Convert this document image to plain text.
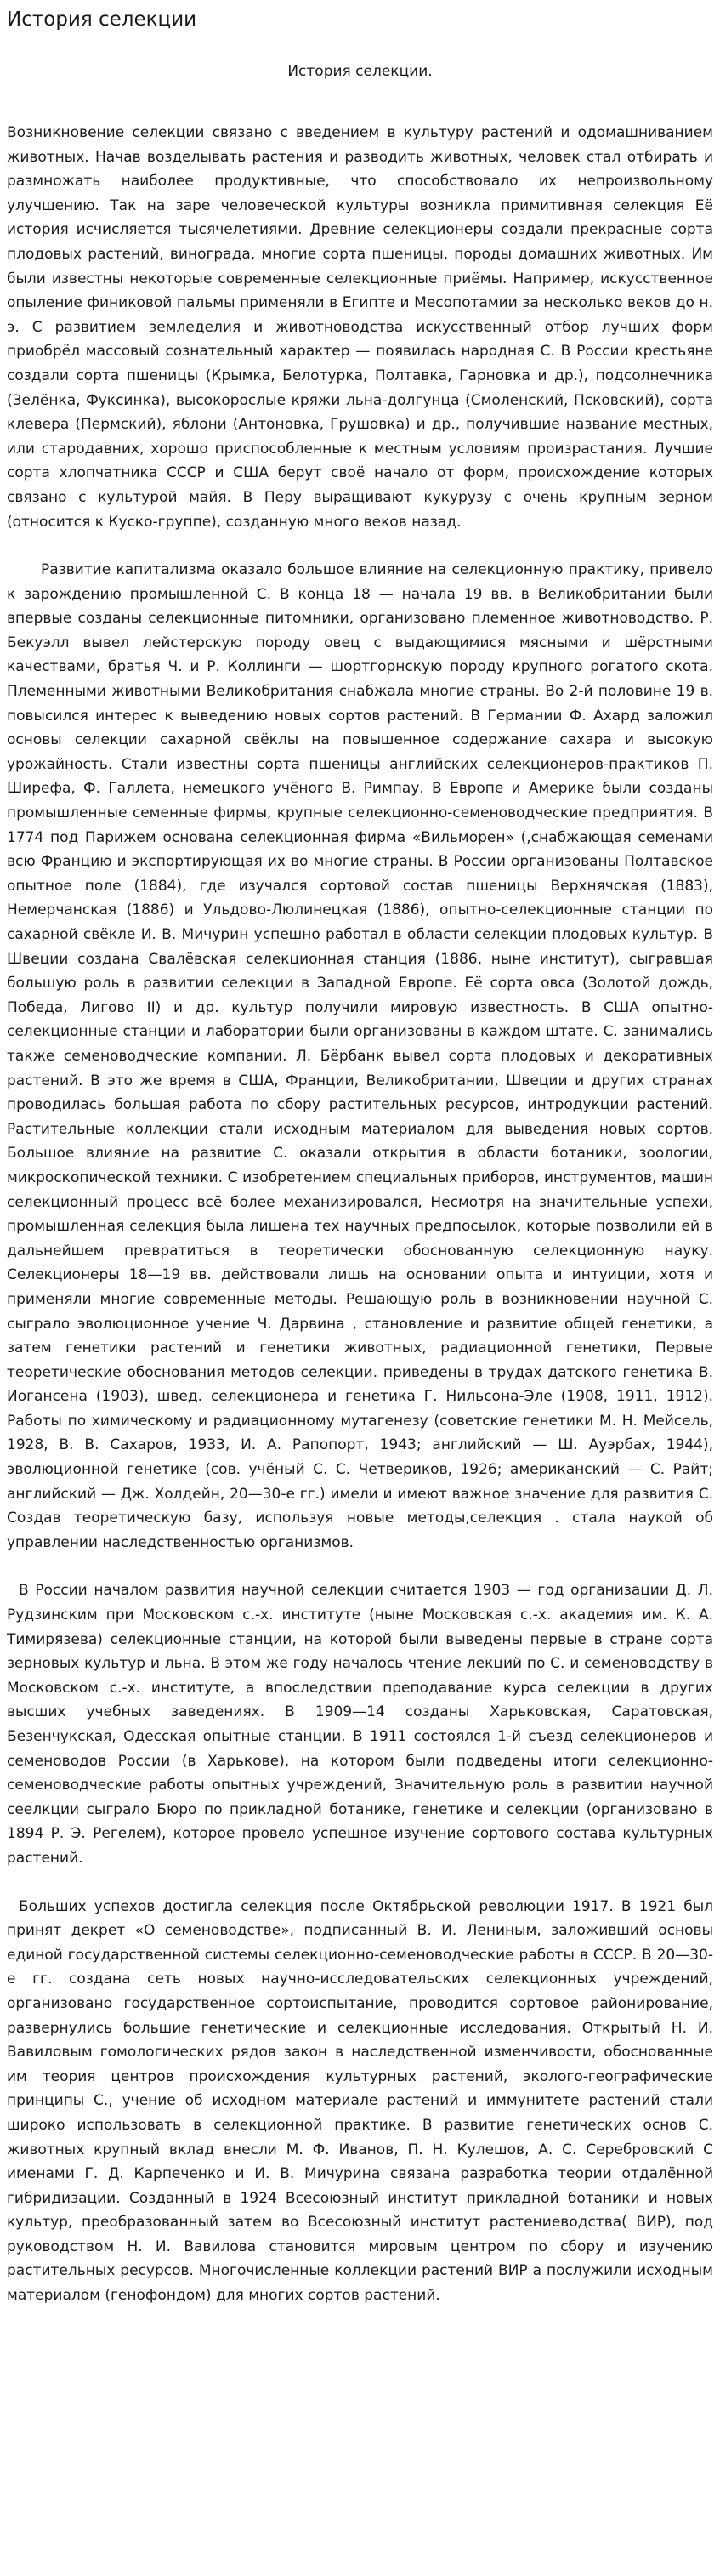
История селекции
История селекции.

Возникновение селекции связано с введением в культуру растений и одомашниванием животных. Начав возделывать растения и разводить животных, человек стал отбирать и размножать наиболее продуктивные, что способствовало их непроизвольному улучшению. Так на заре человеческой культуры возникла примитивная селекция Её история исчисляется тысячелетиями. Древние селекционеры создали прекрасные сорта плодовых растений, винограда, многие сорта пшеницы, породы домашних животных. Им были известны некоторые современные селекционные приёмы. Например, искусственное опыление финиковой пальмы применяли в Египте и Месопотамии за несколько веков до н. э. С развитием земледелия и животноводства искусственный отбор лучших форм приобрёл массовый сознательный характер — появилась народная С. В России крестьяне создали сорта пшеницы (Крымка, Белотурка, Полтавка, Гарновка и др.), подсолнечника (Зелёнка, Фуксинка), высокорослые кряжи льна-долгунца (Смоленский, Псковский), сорта клевера (Пермский), яблони (Антоновка, Грушовка) и др., получившие название местных, или стародавних, хорошо приспособленные к местным условиям произрастания. Лучшие сорта хлопчатника СССР и США берут своё начало от форм, происхождение которых связано с культурой майя. В Перу выращивают кукурузу с очень крупным зерном (относится к Куско-группе), созданную много веков назад.

Развитие капитализма оказало большое влияние на селекционную практику, привело к зарождению промышленной С. В конца 18 — начала 19 вв. в Великобритании были впервые созданы селекционные питомники, организовано племенное животноводство. Р. Бекуэлл вывел лейстерскую породу овец с выдающимися мясными и шёрстными качествами, братья Ч. и Р. Коллинги — шортгорнскую породу крупного рогатого скота. Племенными животными Великобритания снабжала многие страны. Во 2-й половине 19 в. повысился интерес к выведению новых сортов растений. В Германии Ф. Ахард заложил основы селекции сахарной свёклы на повышенное содержание сахара и высокую урожайность. Стали известны сорта пшеницы английских селекционеров-практиков П. Ширефа, Ф. Галлета, немецкого учёного В. Римпау. В Европе и Америке были созданы промышленные семенные фирмы, крупные селекционно-семеноводческие предприятия. В 1774 под Парижем основана селекционная фирма «Вильморен» (,снабжающая семенами всю Францию и экспортирующая их во многие страны. В России организованы Полтавское опытное поле (1884), где изучался сортовой состав пшеницы Верхнячская (1883), Немерчанская (1886) и Ульдово-Люлинецкая (1886), опытно-селекционные станции по сахарной свёкле И. В. Мичурин успешно работал в области селекции плодовых культур. В Швеции создана Свалёвская селекционная станция (1886, ныне институт), сыгравшая большую роль в развитии селекции в Западной Европе. Её сорта овса (Золотой дождь, Победа, Лигово II) и др. культур получили мировую известность. В США опытно-селекционные станции и лаборатории были организованы в каждом штате. С. занимались также семеноводческие компании. Л. Бёрбанк вывел сорта плодовых и декоративных растений. В это же время в США, Франции, Великобритании, Швеции и других странах проводилась большая работа по сбору растительных ресурсов, интродукции растений. Растительные коллекции стали исходным материалом для выведения новых сортов. Большое влияние на развитие С. оказали открытия в области ботаники, зоологии, микроскопической техники. С изобретением специальных приборов, инструментов, машин селекционный процесс всё более механизировался, Несмотря на значительные успехи, промышленная селекция была лишена тех научных предпосылок, которые позволили ей в дальнейшем превратиться в теоретически обоснованную селекционную науку. Селекционеры 18—19 вв. действовали лишь на основании опыта и интуиции, хотя и применяли многие современные методы. Решающую роль в возникновении научной С. сыграло эволюционное учение Ч. Дарвина , становление и развитие общей генетики, а затем генетики растений и генетики животных, радиационной генетики, Первые теоретические обоснования методов селекции. приведены в трудах датского генетика В. Иогансена (1903), швед. селекционера и генетика Г. Нильсона-Эле (1908, 1911, 1912). Работы по химическому и радиационному мутагенезу (советские генетики М. Н. Мейсель, 1928, В. В. Сахаров, 1933, И. А. Рапопорт, 1943; английский — Ш. Ауэрбах, 1944), эволюционной генетике (сов. учёный С. С. Четвериков, 1926; американский — С. Райт; английский — Дж. Холдейн, 20—30-е гг.) имели и имеют важное значение для развития С. Создав теоретическую базу, используя новые методы,селекция . стала наукой об управлении наследственностью организмов.

В России началом развития научной селекции считается 1903 — год организации Д. Л. Рудзинским при Московском с.-х. институте (ныне Московская с.-х. академия им. К. А. Тимирязева) селекционные станции, на которой были выведены первые в стране сорта зерновых культур и льна. В этом же году началось чтение лекций по С. и семеноводству в Московском с.-х. институте, а впоследствии преподавание курса селекции в других высших учебных заведениях. В 1909—14 созданы Харьковская, Саратовская, Безенчукская, Одесская опытные станции. В 1911 состоялся 1-й съезд селекционеров и семеноводов России (в Харькове), на котором были подведены итоги селекционно-семеноводческие работы опытных учреждений, Значительную роль в развитии научной сеелкции сыграло Бюро по прикладной ботанике, генетике и селекции (организовано в 1894 Р. Э. Регелем), которое провело успешное изучение сортового состава культурных растений.

Больших успехов достигла селекция после Октябрьской революции 1917. В 1921 был принят декрет «О семеноводстве», подписанный В. И. Лениным, заложивший основы единой государственной системы селекционно-семеноводческие работы в СССР. В 20—30-е гг. создана сеть новых научно-исследовательских селекционных учреждений, организовано государственное сортоиспытание, проводится сортовое районирование, развернулись большие генетические и селекционные исследования. Открытый Н. И. Вавиловым гомологических рядов закон в наследственной изменчивости, обоснованные им теория центров происхождения культурных растений, эколого-географические принципы С., учение об исходном материале растений и иммунитете растений стали широко использовать в селекционной практике. В развитие генетических основ С. животных крупный вклад внесли М. Ф. Иванов, П. Н. Кулешов, А. С. Серебровский С именами Г. Д. Карпеченко и И. В. Мичурина связана разработка теории отдалённой гибридизации. Созданный в 1924 Всесоюзный институт прикладной ботаники и новых культур, преобразованный затем во Всесоюзный институт растениеводства( ВИР), под руководством Н. И. Вавилова становится мировым центром по сбору и изучению растительных ресурсов. Многочисленные коллекции растений ВИР а послужили исходным материалом (генофондом) для многих сортов растений.
